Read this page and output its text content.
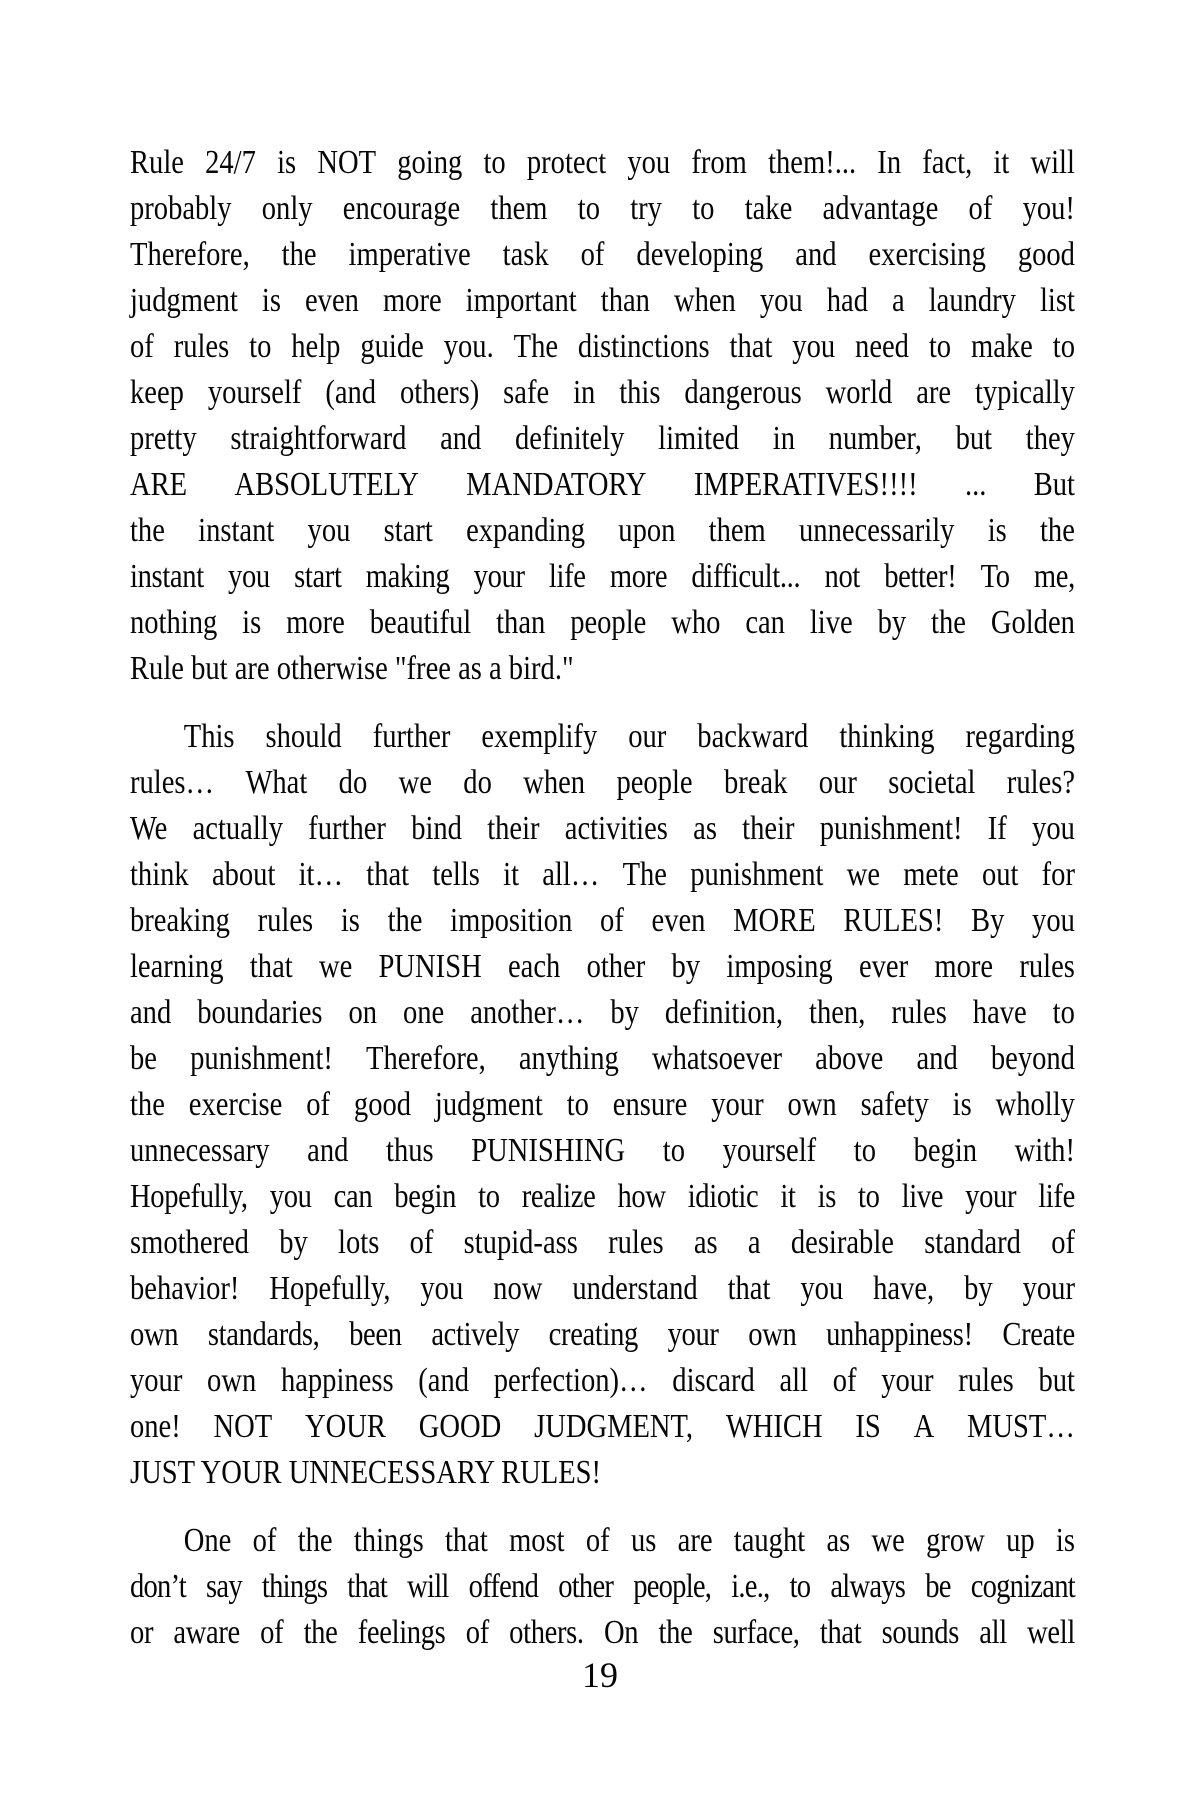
Rule 24/7 is NOT going to protect you from them!... In fact, it will
probably only encourage them to try to take advantage of you!
Therefore, the imperative task of developing and exercising good
judgment is even more important than when you had a laundry list
of rules to help guide you. The distinctions that you need to make to
keep yourself (and others) safe in this dangerous world are typically
pretty straightforward and definitely limited in number, but they
ARE ABSOLUTELY MANDATORY IMPERATIVES!!!! ... But
the instant you start expanding upon them unnecessarily is the
instant you start making your life more difficult... not better! To me,
nothing is more beautiful than people who can live by the Golden
Rule but are otherwise "free as a bird."
This should further exemplify our backward thinking regarding
rules… What do we do when people break our societal rules?
We actually further bind their activities as their punishment! If you
think about it… that tells it all… The punishment we mete out for
breaking rules is the imposition of even MORE RULES! By you
learning that we PUNISH each other by imposing ever more rules
and boundaries on one another… by definition, then, rules have to
be punishment! Therefore, anything whatsoever above and beyond
the exercise of good judgment to ensure your own safety is wholly
unnecessary and thus PUNISHING to yourself to begin with!
Hopefully, you can begin to realize how idiotic it is to live your life
smothered by lots of stupid-ass rules as a desirable standard of
behavior! Hopefully, you now understand that you have, by your
own standards, been actively creating your own unhappiness! Create
your own happiness (and perfection)… discard all of your rules but
one! NOT YOUR GOOD JUDGMENT, WHICH IS A MUST…
JUST YOUR UNNECESSARY RULES!
One of the things that most of us are taught as we grow up is
don’t say things that will offend other people, i.e., to always be cognizant
or aware of the feelings of others. On the surface, that sounds all well
19
